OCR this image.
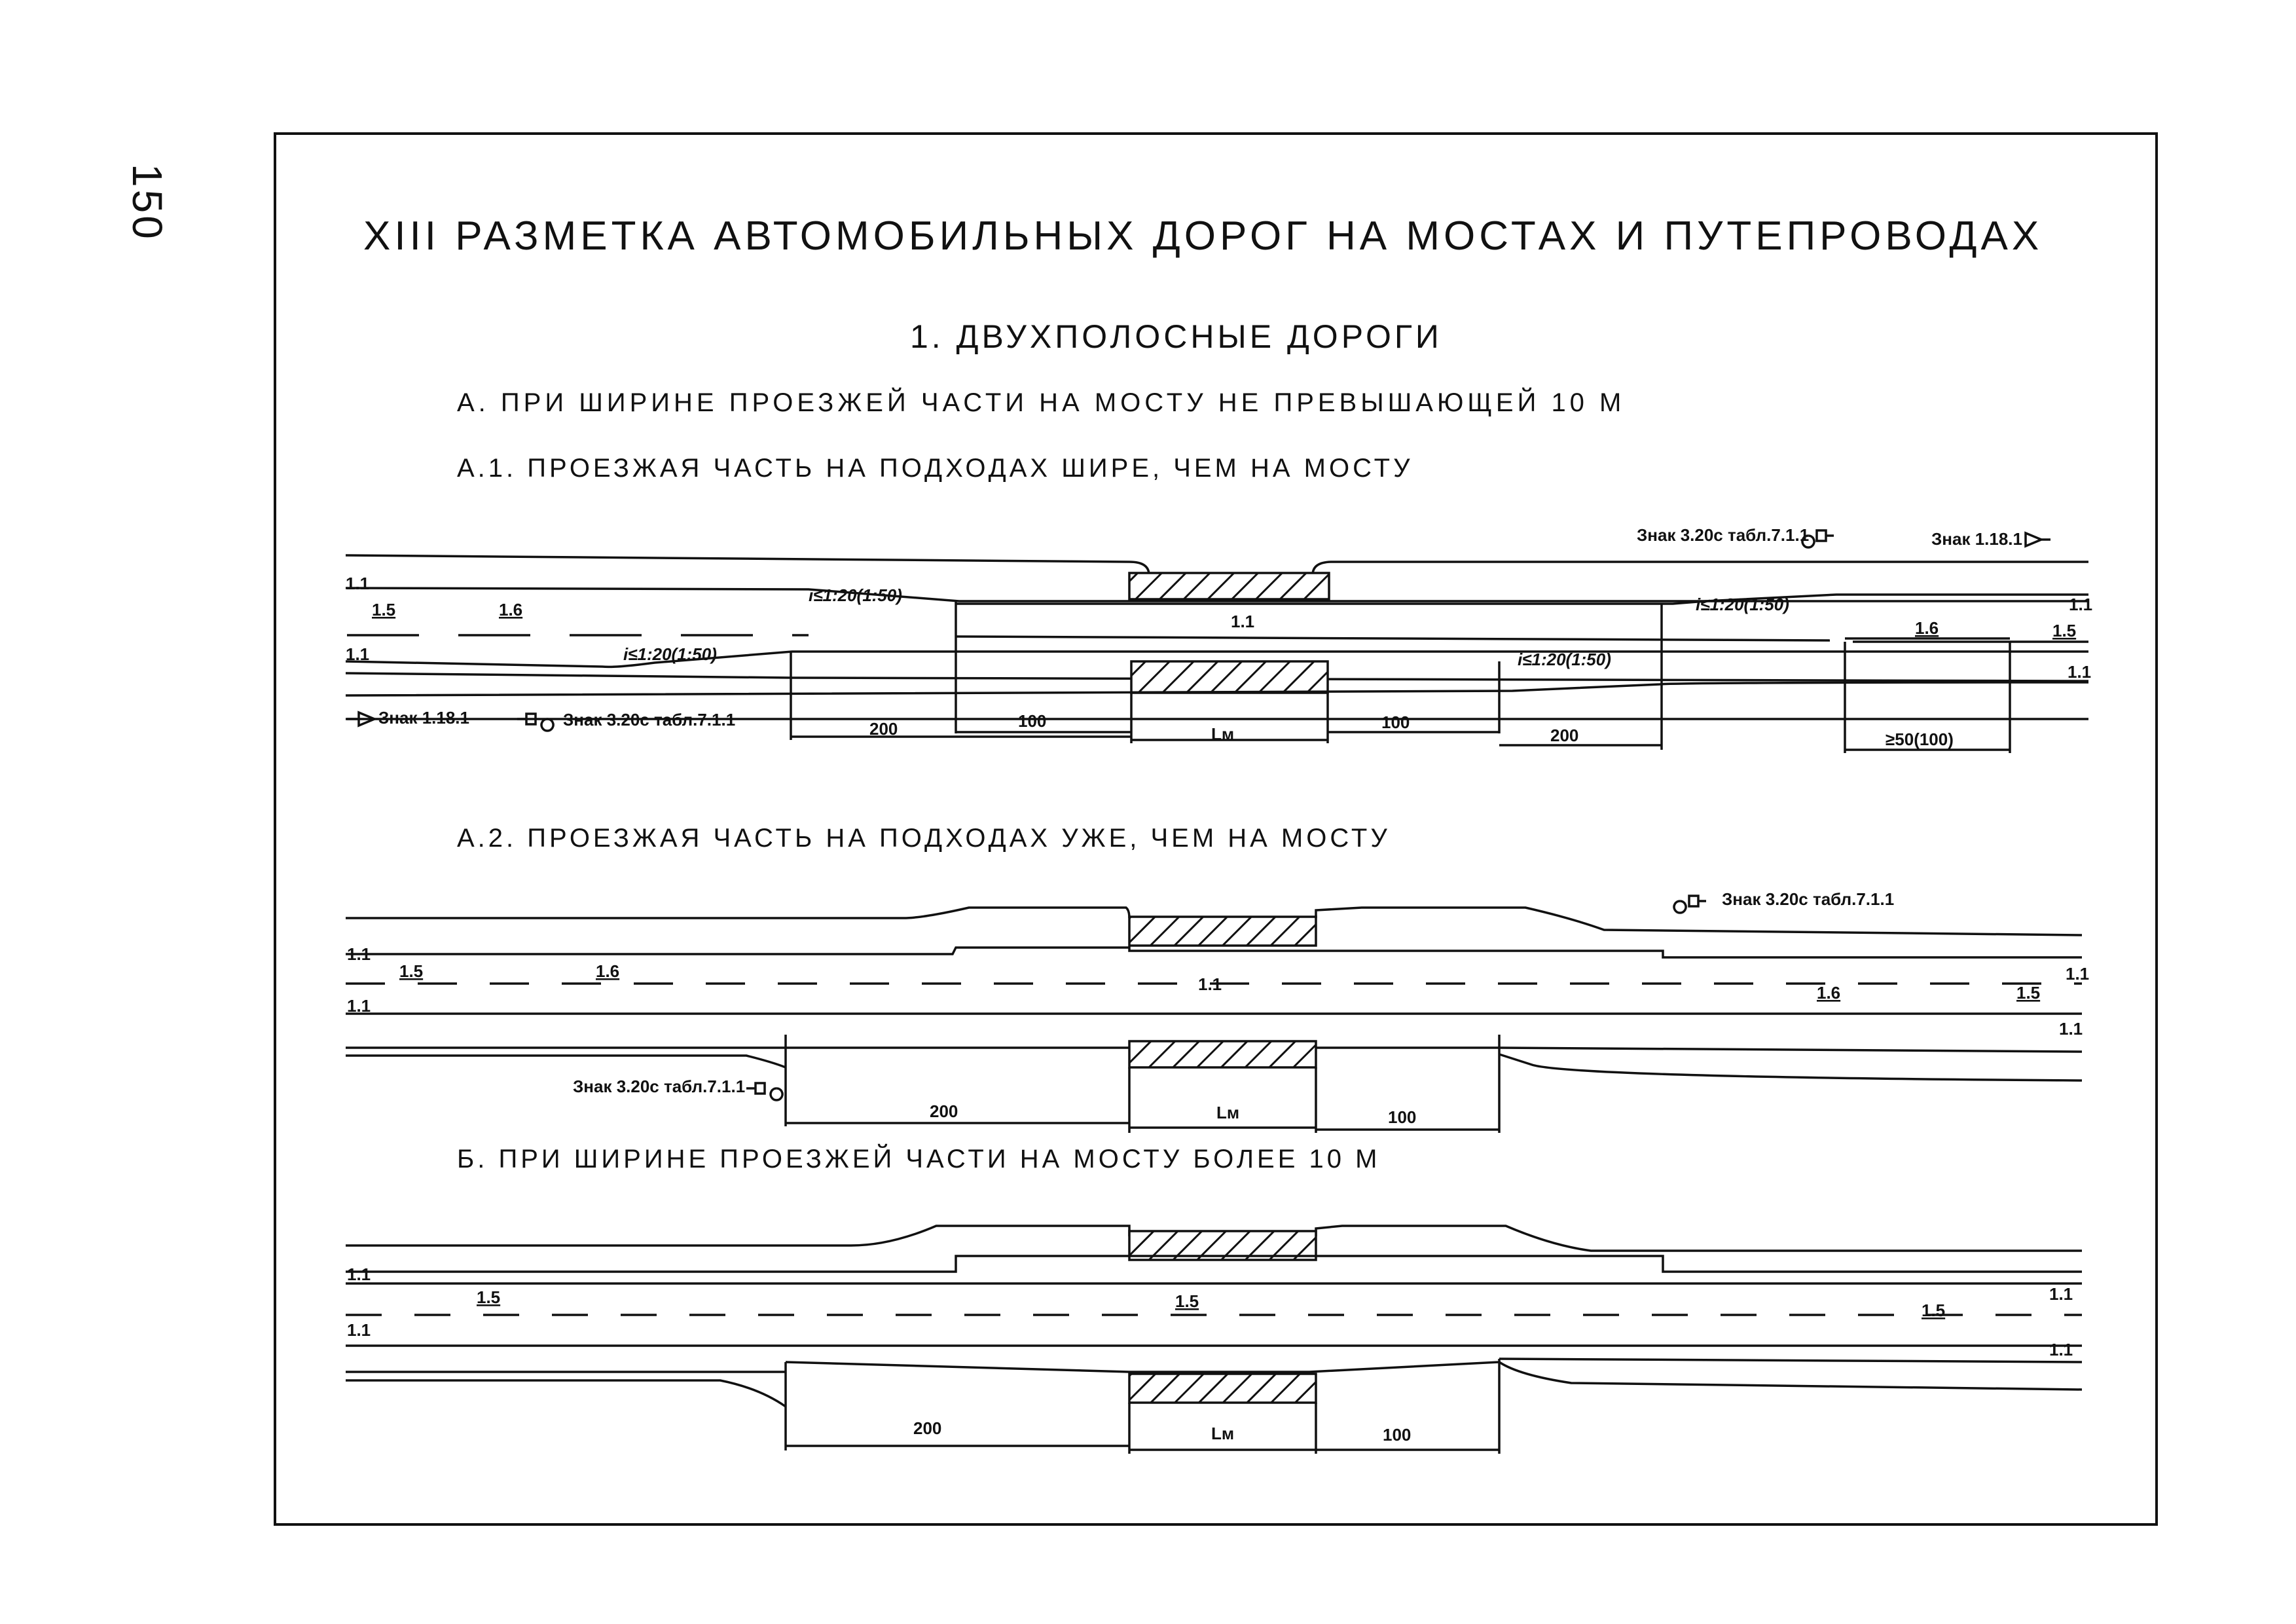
150	XIII РАЗМЕТКА АВТОМОБИЛЬНЫХ ДОРОГ НА МОСТАХ И ПУТЕПРОВОДАХ
1. ДВУХПОЛОСНЫЕ ДОРОГИ
А. ПРИ ШИРИНЕ ПРОЕЗЖЕЙ ЧАСТИ НА МОСТУ НЕ ПРЕВЫШАЮЩЕЙ 10 М
А.1. ПРОЕЗЖАЯ ЧАСТЬ НА ПОДХОДАХ ШИРЕ, ЧЕМ НА МОСТУ
А.2. ПРОЕЗЖАЯ ЧАСТЬ НА ПОДХОДАХ УЖЕ, ЧЕМ НА МОСТУ
Б. ПРИ ШИРИНЕ ПРОЕЗЖЕЙ ЧАСТИ НА МОСТУ БОЛЕЕ 10 М
1.1
1.5	1.6
1.1
i≤1:20(1:50)
i≤1:20(1:50)
i≤1:20(1:50)
i≤1:20(1:50)
1.1
1.1
1.6	1.5
1.1
Знак 3.20с табл.7.1.1	Знак 1.18.1
Знак 1.18.1	Знак 3.20с табл.7.1.1	200	100
Lм
100
200	≥50(100)
1.1
1.5	1.6
1.1
1.1	1.6	1.5
1.1
1.1
Знак 3.20с табл.7.1.1
Знак 3.20с табл.7.1.1
200	Lм	100
1.1
1.5
1.1
1.5	1.5
1.1
1.1
200	Lм	100
